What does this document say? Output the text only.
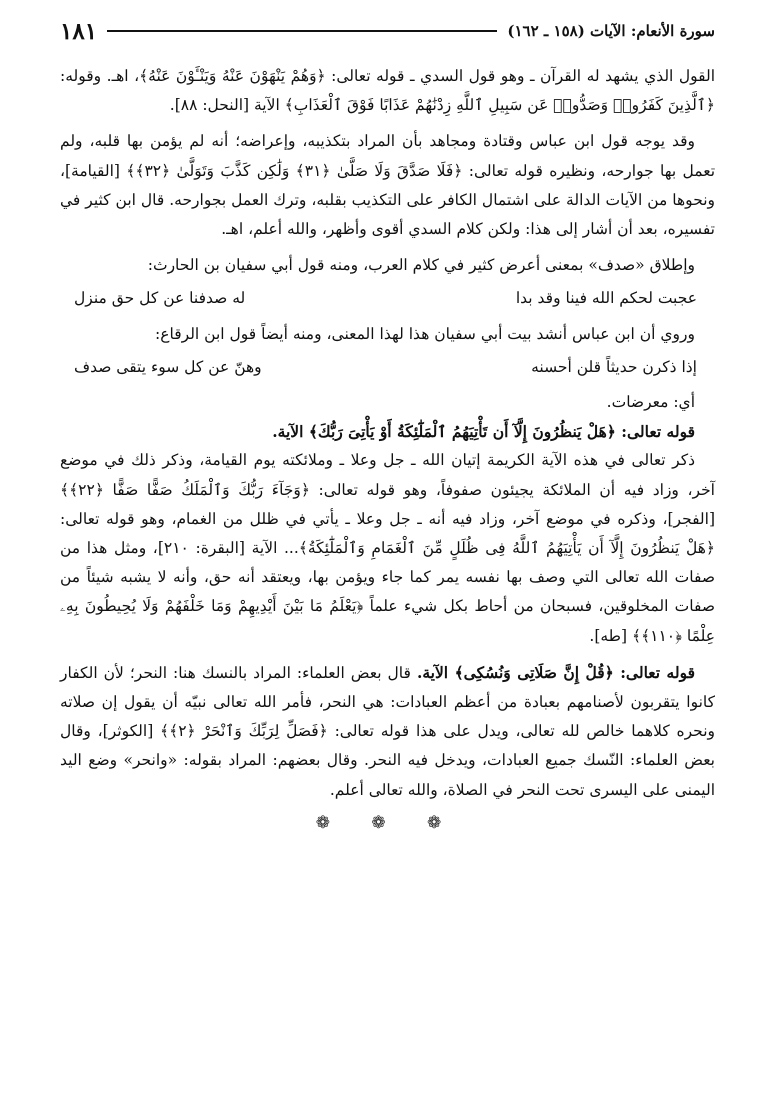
سورة الأنعام: الآيات (١٥٨ ـ ١٦٢)
١٨١

القول الذي يشهد له القرآن ـ وهو قول السدي ـ قوله تعالى: ﴿وَهُمْ يَنْهَوْنَ عَنْهُ وَيَنْـَٔوْنَ عَنْهُ﴾، اهـ. وقوله: ﴿ٱلَّذِينَ كَفَرُوا۟ وَصَدُّوا۟ عَن سَبِيلِ ٱللَّهِ زِدْنَٰهُمْ عَذَابًا فَوْقَ ٱلْعَذَابِ﴾ الآية [النحل: ٨٨].

وقد يوجه قول ابن عباس وقتادة ومجاهد بأن المراد بتكذيبه، وإعراضه؛ أنه لم يؤمن بها قلبه، ولم تعمل بها جوارحه، ونظيره قوله تعالى: ﴿فَلَا صَدَّقَ وَلَا صَلَّىٰ ﴿٣١﴾ وَلَٰكِن كَذَّبَ وَتَوَلَّىٰ ﴿٣٢﴾﴾ [القيامة]، ونحوها من الآيات الدالة على اشتمال الكافر على التكذيب بقلبه، وترك العمل بجوارحه. قال ابن كثير في تفسيره، بعد أن أشار إلى هذا: ولكن كلام السدي أقوى وأظهر، والله أعلم، اهـ.

وإطلاق «صدف» بمعنى أعرض كثير في كلام العرب، ومنه قول أبي سفيان بن الحارث:

عجبت لحكم الله فينا وقد بدا
له صدفنا عن كل حق منزل

وروي أن ابن عباس أنشد بيت أبي سفيان هذا لهذا المعنى، ومنه أيضاً قول ابن الرقاع:

إذا ذكرن حديثاً قلن أحسنه
وهنّ عن كل سوء يتقى صدف

أي: معرضات.

قوله تعالى: ﴿هَلْ يَنظُرُونَ إِلَّآ أَن تَأْتِيَهُمُ ٱلْمَلَٰٓئِكَةُ أَوْ يَأْتِىَ رَبُّكَ﴾ الآية.

ذكر تعالى في هذه الآية الكريمة إتيان الله ـ جل وعلا ـ وملائكته يوم القيامة، وذكر ذلك في موضع آخر، وزاد فيه أن الملائكة يجيئون صفوفاً، وهو قوله تعالى: ﴿وَجَآءَ رَبُّكَ وَٱلْمَلَكُ صَفًّا صَفًّا ﴿٢٢﴾﴾ [الفجر]، وذكره في موضع آخر، وزاد فيه أنه ـ جل وعلا ـ يأتي في ظلل من الغمام، وهو قوله تعالى: ﴿هَلْ يَنظُرُونَ إِلَّآ أَن يَأْتِيَهُمُ ٱللَّهُ فِى ظُلَلٍ مِّنَ ٱلْغَمَامِ وَٱلْمَلَٰٓئِكَةُ﴾... الآية [البقرة: ٢١٠]، ومثل هذا من صفات الله تعالى التي وصف بها نفسه يمر كما جاء ويؤمن بها، ويعتقد أنه حق، وأنه لا يشبه شيئاً من صفات المخلوقين، فسبحان من أحاط بكل شيء علماً ﴿يَعْلَمُ مَا بَيْنَ أَيْدِيهِمْ وَمَا خَلْفَهُمْ وَلَا يُحِيطُونَ بِهِۦ عِلْمًا ﴿١١٠﴾﴾ [طه].

قوله تعالى: ﴿قُلْ إِنَّ صَلَاتِى وَنُسُكِى﴾ الآية. قال بعض العلماء: المراد بالنسك هنا: النحر؛ لأن الكفار كانوا يتقربون لأصنامهم بعبادة من أعظم العبادات: هي النحر، فأمر الله تعالى نبيّه أن يقول إن صلاته ونحره كلاهما خالص لله تعالى، ويدل على هذا قوله تعالى: ﴿فَصَلِّ لِرَبِّكَ وَٱنْحَرْ ﴿٢﴾﴾ [الكوثر]، وقال بعض العلماء: النّسك جميع العبادات، ويدخل فيه النحر. وقال بعضهم: المراد بقوله: «وانحر» وضع اليد اليمنى على اليسرى تحت النحر في الصلاة، والله تعالى أعلم.

❁ ❁ ❁
